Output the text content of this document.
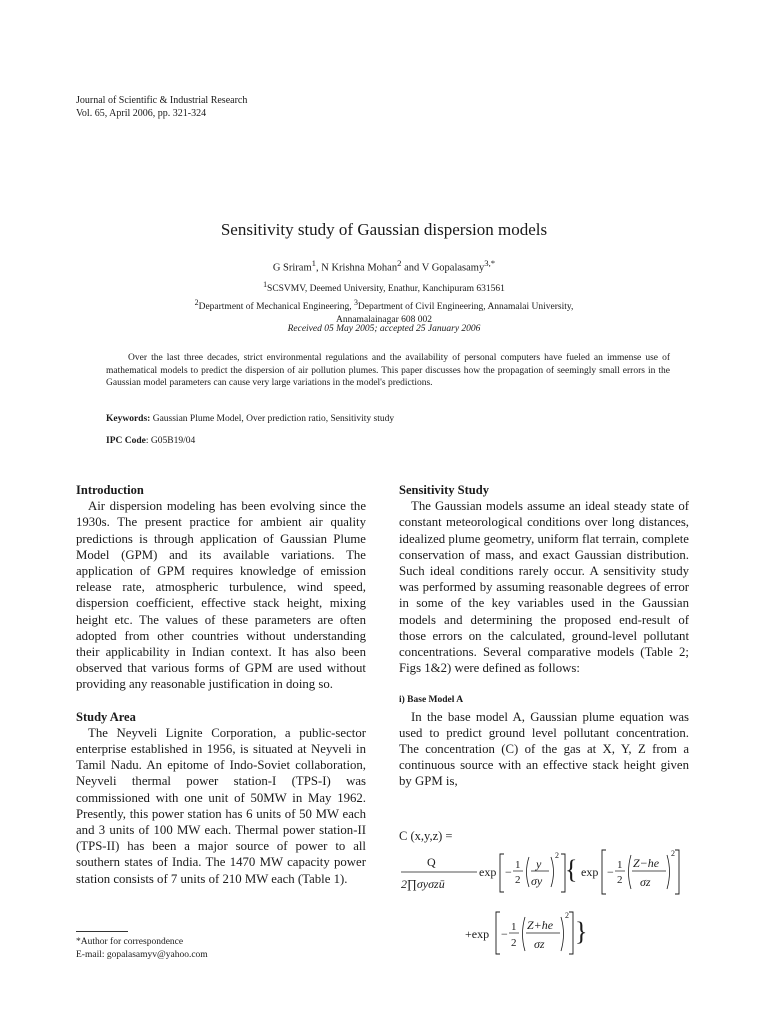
Journal of Scientific & Industrial Research
Vol. 65, April 2006, pp. 321-324
Sensitivity study of Gaussian dispersion models
G Sriram$^1$, N Krishna Mohan$^2$ and V Gopalasamy$^{3,*}$
$^1$SCSVMV, Deemed University, Enathur, Kanchipuram 631561
$^2$Department of Mechanical Engineering, $^3$Department of Civil Engineering, Annamalai University,
Annamalainagar 608 002
Received 05 May 2005; accepted 25 January 2006
Over the last three decades, strict environmental regulations and the availability of personal computers have fueled an immense use of mathematical models to predict the dispersion of air pollution plumes. This paper discusses how the propagation of seemingly small errors in the Gaussian model parameters can cause very large variations in the model's predictions.
Keywords: Gaussian Plume Model, Over prediction ratio, Sensitivity study
IPC Code: G05B19/04
Introduction

Air dispersion modeling has been evolving since the 1930s. The present practice for ambient air quality predictions is through application of Gaussian Plume Model (GPM) and its available variations. The application of GPM requires knowledge of emission release rate, atmospheric turbulence, wind speed, dispersion coefficient, effective stack height, mixing height etc. The values of these parameters are often adopted from other countries without understanding their applicability in Indian context. It has also been observed that various forms of GPM are used without providing any reasonable justification in doing so.

Study Area

The Neyveli Lignite Corporation, a public-sector enterprise established in 1956, is situated at Neyveli in Tamil Nadu. An epitome of Indo-Soviet collaboration, Neyveli thermal power station-I (TPS-I) was commissioned with one unit of 50MW in May 1962. Presently, this power station has 6 units of 50 MW each and 3 units of 100 MW each. Thermal power station-II (TPS-II) has been a major source of power to all southern states of India. The 1470 MW capacity power station consists of 7 units of 210 MW each (Table 1).

*Author for correspondence
E-mail: gopalasamyv@yahoo.com
Sensitivity Study

The Gaussian models assume an ideal steady state of constant meteorological conditions over long distances, idealized plume geometry, uniform flat terrain, complete conservation of mass, and exact Gaussian distribution. Such ideal conditions rarely occur. A sensitivity study was performed by assuming reasonable degrees of error in some of the key variables used in the Gaussian models and determining the proposed end-result of those errors on the calculated, ground-level pollutant concentrations. Several comparative models (Table 2; Figs 1&2) were defined as follows:

i) Base Model A

In the base model A, Gaussian plume equation was used to predict ground level pollutant concentration. The concentration (C) of the gas at X, Y, Z from a continuous source with an effective stack height given by GPM is,

C (x,y,z) =
Q
2∏σyσzū
exp − 1
2
y
σy
2 { exp − 1
2
Z−he
σz
2
+exp − 1
2
Z+he
σz
2
}
